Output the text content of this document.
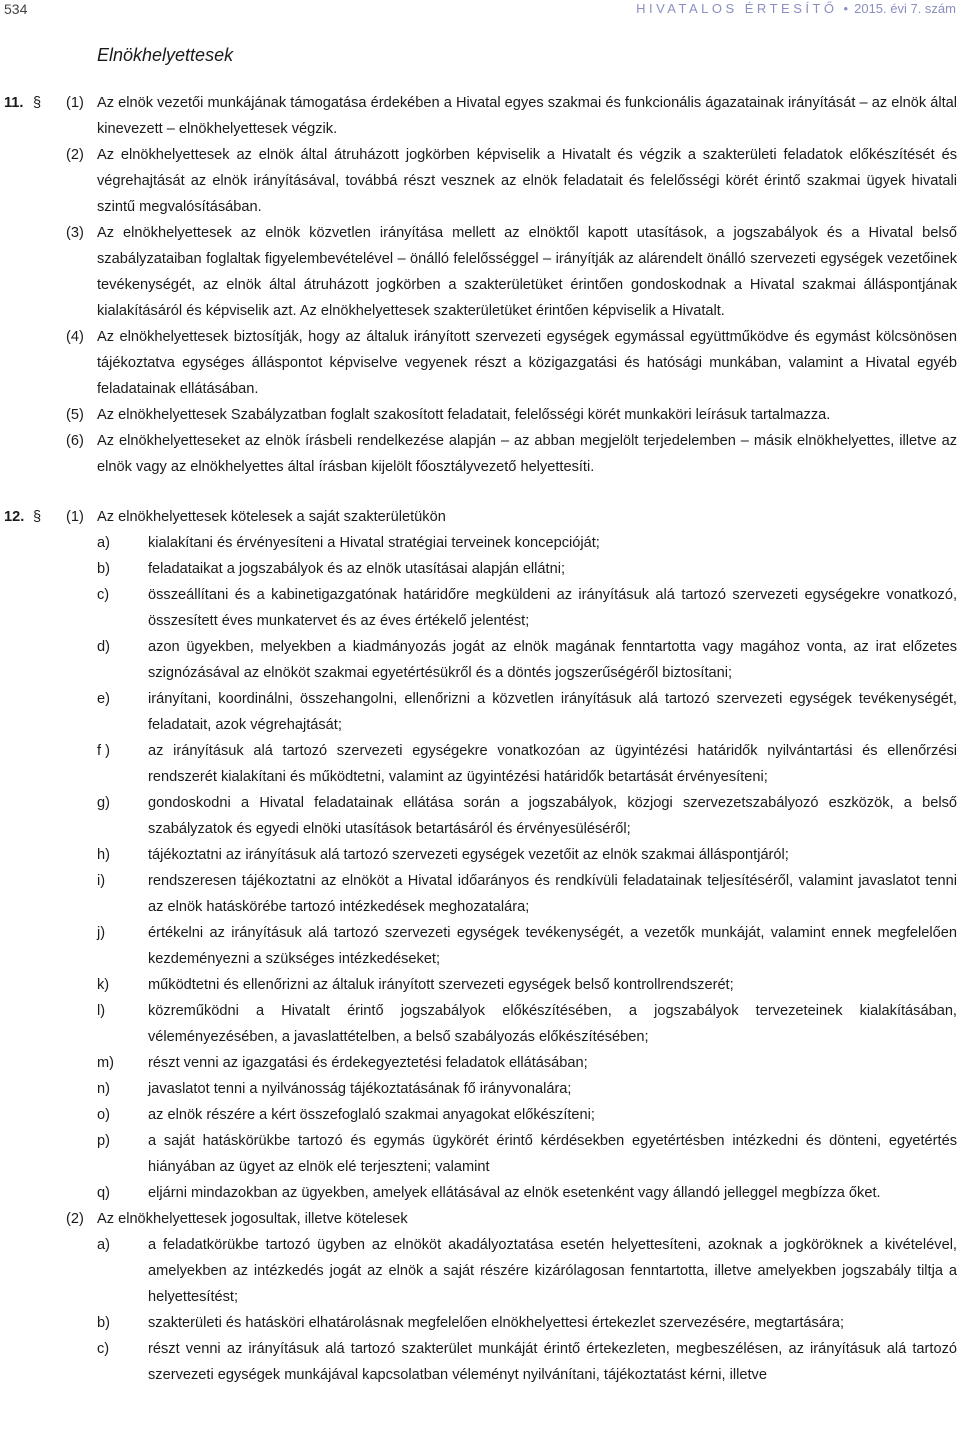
534	HIVATALOS ÉRTESÍTŐ • 2015. évi 7. szám
Elnökhelyettesek
11. § (1) Az elnök vezetői munkájának támogatása érdekében a Hivatal egyes szakmai és funkcionális ágazatainak irányítását – az elnök által kinevezett – elnökhelyettesek végzik.
(2) Az elnökhelyettesek az elnök által átruházott jogkörben képviselik a Hivatalt és végzik a szakterületi feladatok előkészítését és végrehajtását az elnök irányításával, továbbá részt vesznek az elnök feladatait és felelősségi körét érintő szakmai ügyek hivatali szintű megvalósításában.
(3) Az elnökhelyettesek az elnök közvetlen irányítása mellett az elnöktől kapott utasítások, a jogszabályok és a Hivatal belső szabályzataiban foglaltak figyelembevételével – önálló felelősséggel – irányítják az alárendelt önálló szervezeti egységek vezetőinek tevékenységét, az elnök által átruházott jogkörben a szakterületüket érintően gondoskodnak a Hivatal szakmai álláspontjának kialakításáról és képviselik azt. Az elnökhelyettesek szakterületüket érintően képviselik a Hivatalt.
(4) Az elnökhelyettesek biztosítják, hogy az általuk irányított szervezeti egységek egymással együttműködve és egymást kölcsönösen tájékoztatva egységes álláspontot képviselve vegyenek részt a közigazgatási és hatósági munkában, valamint a Hivatal egyéb feladatainak ellátásában.
(5) Az elnökhelyettesek Szabályzatban foglalt szakosított feladatait, felelősségi körét munkaköri leírásuk tartalmazza.
(6) Az elnökhelyetteseket az elnök írásbeli rendelkezése alapján – az abban megjelölt terjedelemben – másik elnökhelyettes, illetve az elnök vagy az elnökhelyettes által írásban kijelölt főosztályvezető helyettesíti.
12. § (1) Az elnökhelyettesek kötelesek a saját szakterületükön
a)	kialakítani és érvényesíteni a Hivatal stratégiai terveinek koncepcióját;
b)	feladataikat a jogszabályok és az elnök utasításai alapján ellátni;
c)	összeállítani és a kabinetigazgatónak határidőre megküldeni az irányításuk alá tartozó szervezeti egységekre vonatkozó, összesített éves munkatervet és az éves értékelő jelentést;
d)	azon ügyekben, melyekben a kiadmányozás jogát az elnök magának fenntartotta vagy magához vonta, az irat előzetes szignózásával az elnököt szakmai egyetértésükről és a döntés jogszerűségéről biztosítani;
e)	irányítani, koordinálni, összehangolni, ellenőrizni a közvetlen irányításuk alá tartozó szervezeti egységek tevékenységét, feladatait, azok végrehajtását;
f )	az irányításuk alá tartozó szervezeti egységekre vonatkozóan az ügyintézési határidők nyilvántartási és ellenőrzési rendszerét kialakítani és működtetni, valamint az ügyintézési határidők betartását érvényesíteni;
g)	gondoskodni a Hivatal feladatainak ellátása során a jogszabályok, közjogi szervezetszabályozó eszközök, a belső szabályzatok és egyedi elnöki utasítások betartásáról és érvényesüléséről;
h)	tájékoztatni az irányításuk alá tartozó szervezeti egységek vezetőit az elnök szakmai álláspontjáról;
i)	rendszeresen tájékoztatni az elnököt a Hivatal időarányos és rendkívüli feladatainak teljesítéséről, valamint javaslatot tenni az elnök hatáskörébe tartozó intézkedések meghozatalára;
j)	értékelni az irányításuk alá tartozó szervezeti egységek tevékenységét, a vezetők munkáját, valamint ennek megfelelően kezdeményezni a szükséges intézkedéseket;
k)	működtetni és ellenőrizni az általuk irányított szervezeti egységek belső kontrollrendszerét;
l)	közreműködni a Hivatalt érintő jogszabályok előkészítésében, a jogszabályok tervezeteinek kialakításában, véleményezésében, a javaslattételben, a belső szabályozás előkészítésében;
m) részt venni az igazgatási és érdekegyeztetési feladatok ellátásában;
n)	javaslatot tenni a nyilvánosság tájékoztatásának fő irányvonalára;
o)	az elnök részére a kért összefoglaló szakmai anyagokat előkészíteni;
p)	a saját hatáskörükbe tartozó és egymás ügykörét érintő kérdésekben egyetértésben intézkedni és dönteni, egyetértés hiányában az ügyet az elnök elé terjeszteni; valamint
q)	eljárni mindazokban az ügyekben, amelyek ellátásával az elnök esetenként vagy állandó jelleggel megbízza őket.
(2) Az elnökhelyettesek jogosultak, illetve kötelesek
a)	a feladatkörükbe tartozó ügyben az elnököt akadályoztatása esetén helyettesíteni, azoknak a jogköröknek a kivételével, amelyekben az intézkedés jogát az elnök a saját részére kizárólagosan fenntartotta, illetve amelyekben jogszabály tiltja a helyettesítést;
b)	szakterületi és hatásköri elhatárolásnak megfelelően elnökhelyettesi értekezlet szervezésére, megtartására;
c)	részt venni az irányításuk alá tartozó szakterület munkáját érintő értekezleten, megbeszélésen, az irányításuk alá tartozó szervezeti egységek munkájával kapcsolatban véleményt nyilvánítani, tájékoztatást kérni, illetve
